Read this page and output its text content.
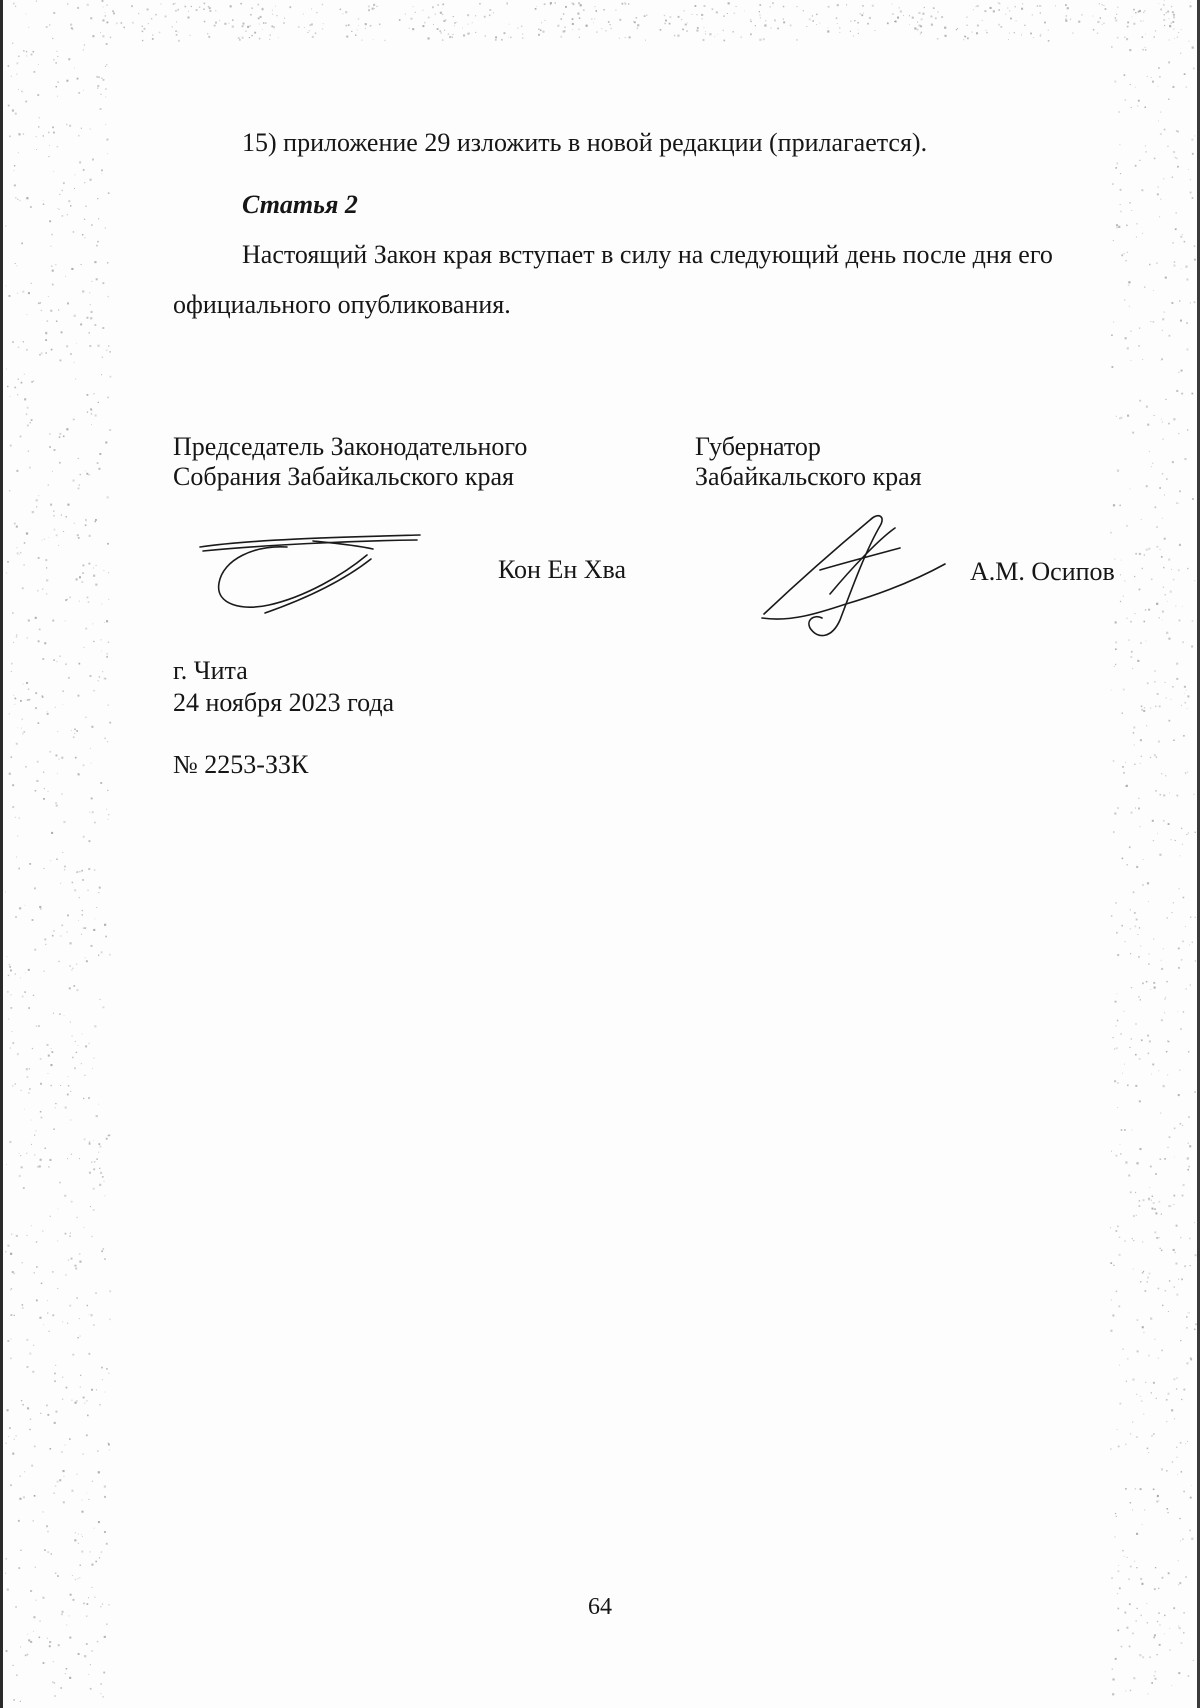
15) приложение 29 изложить в новой редакции (прилагается).
Статья 2
Настоящий Закон края вступает в силу на следующий день после дня его
официального опубликования.
Председатель Законодательного
Собрания Забайкальского края
Губернатор
Забайкальского края
Кон Ен Хва	А.М. Осипов
г. Чита
24 ноября 2023 года
№ 2253-ЗЗК
64
